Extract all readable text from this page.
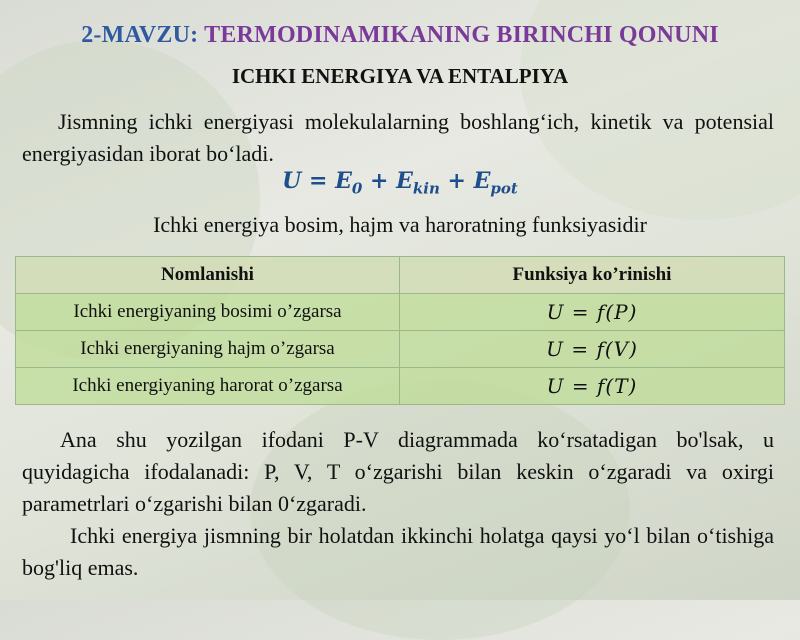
2-MAVZU: TERMODINAMIKANING BIRINCHI QONUNI
ICHKI ENERGIYA VA ENTALPIYA
Jismning ichki energiyasi molekulalarning boshlang‘ich, kinetik va potensial energiyasidan iborat bo‘ladi.
$U = E_0 + E_{kin} + E_{pot}$
Ichki energiya bosim, hajm va haroratning funksiyasidir
Nomlanishi	Funksiya ko’rinishi
Ichki energiyaning bosimi o’zgarsa	U = f(P)
Ichki energiyaning hajm o’zgarsa	U = f(V)
Ichki energiyaning harorat o’zgarsa	U = f(T)
Ana shu yozilgan ifodani P-V diagrammada ko‘rsatadigan bo'lsak, u quyidagicha ifodalanadi: P, V, T o‘zgarishi bilan keskin o‘zgaradi va oxirgi parametrlari o‘zgarishi bilan 0‘zgaradi.
Ichki energiya jismning bir holatdan ikkinchi holatga qaysi yo‘l bilan o‘tishiga bog'liq emas.
